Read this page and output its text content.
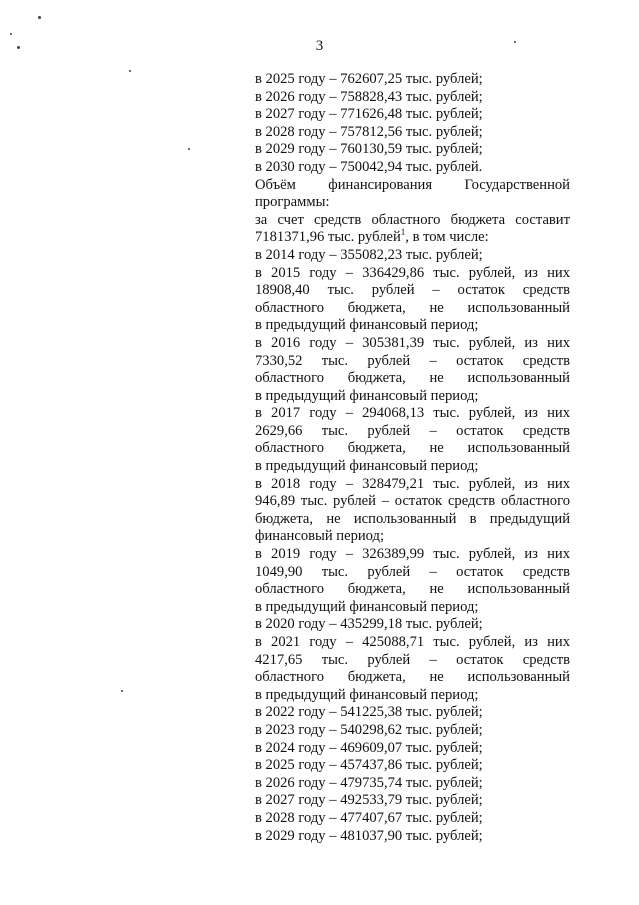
3
в 2025 году – 762607,25 тыс. рублей;
в 2026 году – 758828,43 тыс. рублей;
в 2027 году – 771626,48 тыс. рублей;
в 2028 году – 757812,56 тыс. рублей;
в 2029 году – 760130,59 тыс. рублей;
в 2030 году – 750042,94 тыс. рублей.
Объём финансирования Государственной
программы:
за счет средств областного бюджета составит
7181371,96 тыс. рублей$^1$, в том числе:
в 2014 году – 355082,23 тыс. рублей;
в 2015 году – 336429,86 тыс. рублей, из них
18908,40 тыс. рублей – остаток средств
областного бюджета, не использованный
в предыдущий финансовый период;
в 2016 году – 305381,39 тыс. рублей, из них
7330,52 тыс. рублей – остаток средств
областного бюджета, не использованный
в предыдущий финансовый период;
в 2017 году – 294068,13 тыс. рублей, из них
2629,66 тыс. рублей – остаток средств
областного бюджета, не использованный
в предыдущий финансовый период;
в 2018 году – 328479,21 тыс. рублей, из них
946,89 тыс. рублей – остаток средств областного
бюджета, не использованный в предыдущий
финансовый период;
в 2019 году – 326389,99 тыс. рублей, из них
1049,90 тыс. рублей – остаток средств
областного бюджета, не использованный
в предыдущий финансовый период;
в 2020 году – 435299,18 тыс. рублей;
в 2021 году – 425088,71 тыс. рублей, из них
4217,65 тыс. рублей – остаток средств
областного бюджета, не использованный
в предыдущий финансовый период;
в 2022 году – 541225,38 тыс. рублей;
в 2023 году – 540298,62 тыс. рублей;
в 2024 году – 469609,07 тыс. рублей;
в 2025 году – 457437,86 тыс. рублей;
в 2026 году – 479735,74 тыс. рублей;
в 2027 году – 492533,79 тыс. рублей;
в 2028 году – 477407,67 тыс. рублей;
в 2029 году – 481037,90 тыс. рублей;
